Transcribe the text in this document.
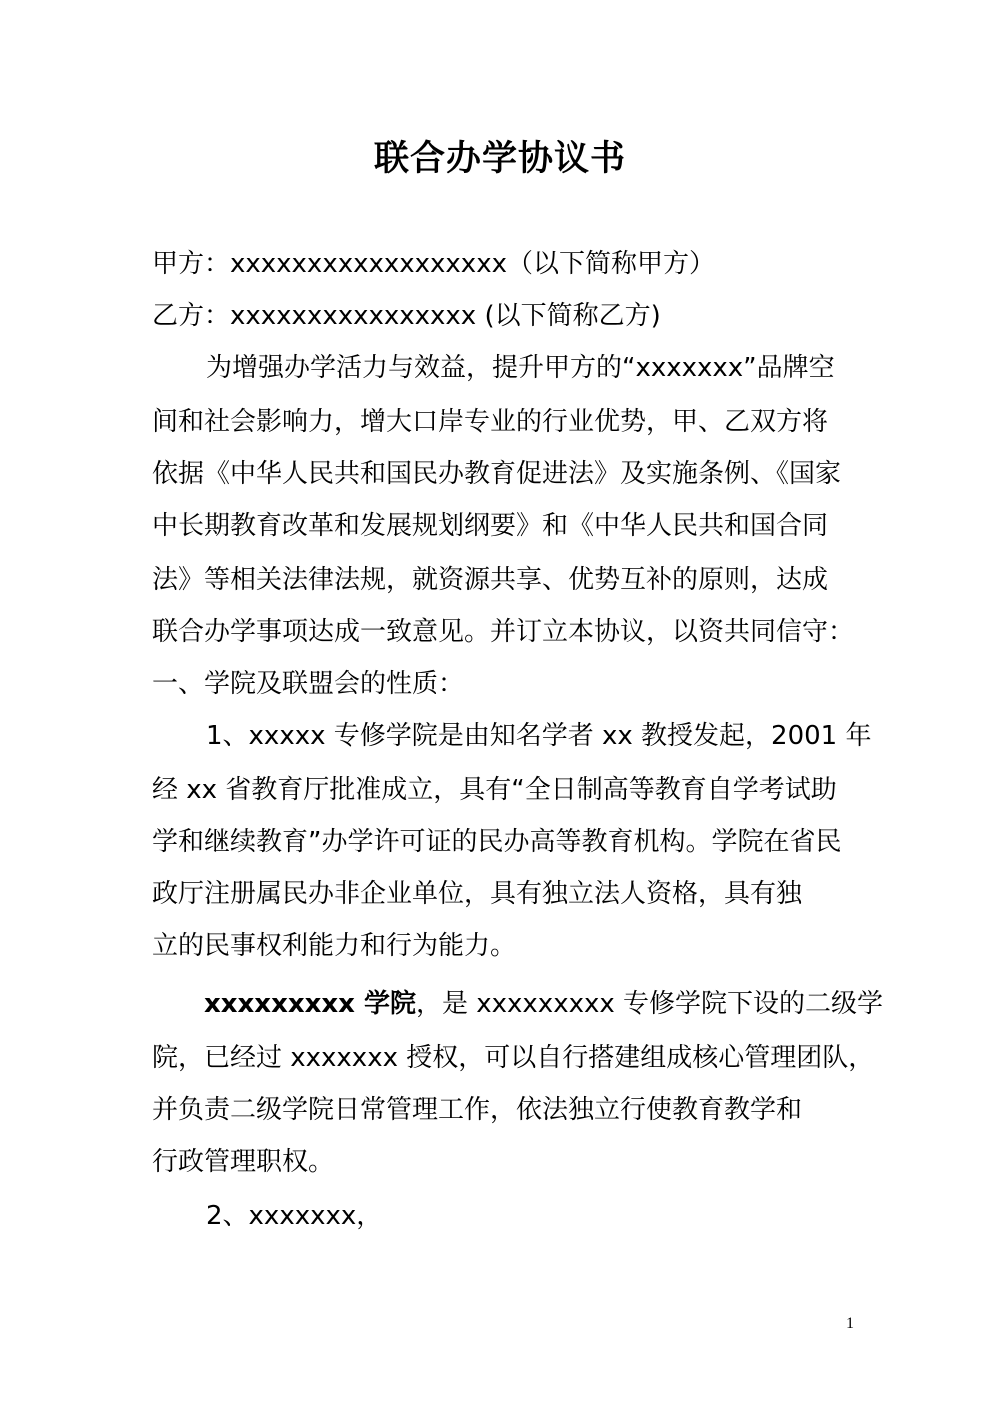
联合办学协议书
甲方：xxxxxxxxxxxxxxxxxx（以下简称甲方）
乙方：xxxxxxxxxxxxxxxx (以下简称乙方)
为增强办学活力与效益，提升甲方的“xxxxxxx”品牌空
间和社会影响力，增大口岸专业的行业优势，甲、乙双方将
依据《中华人民共和国民办教育促进法》及实施条例、《国家
中长期教育改革和发展规划纲要》和《中华人民共和国合同
法》等相关法律法规，就资源共享、优势互补的原则，达成
联合办学事项达成一致意见。并订立本协议，以资共同信守：
一、学院及联盟会的性质：
1、xxxxx 专修学院是由知名学者 xx 教授发起，2001 年
经 xx 省教育厅批准成立，具有“全日制高等教育自学考试助
学和继续教育”办学许可证的民办高等教育机构。学院在省民
政厅注册属民办非企业单位，具有独立法人资格，具有独
立的民事权利能力和行为能力。
xxxxxxxxx 学院，是 xxxxxxxxx 专修学院下设的二级学
院，已经过 xxxxxxx 授权，可以自行搭建组成核心管理团队，
并负责二级学院日常管理工作，依法独立行使教育教学和
行政管理职权。
2、xxxxxxx，
1
